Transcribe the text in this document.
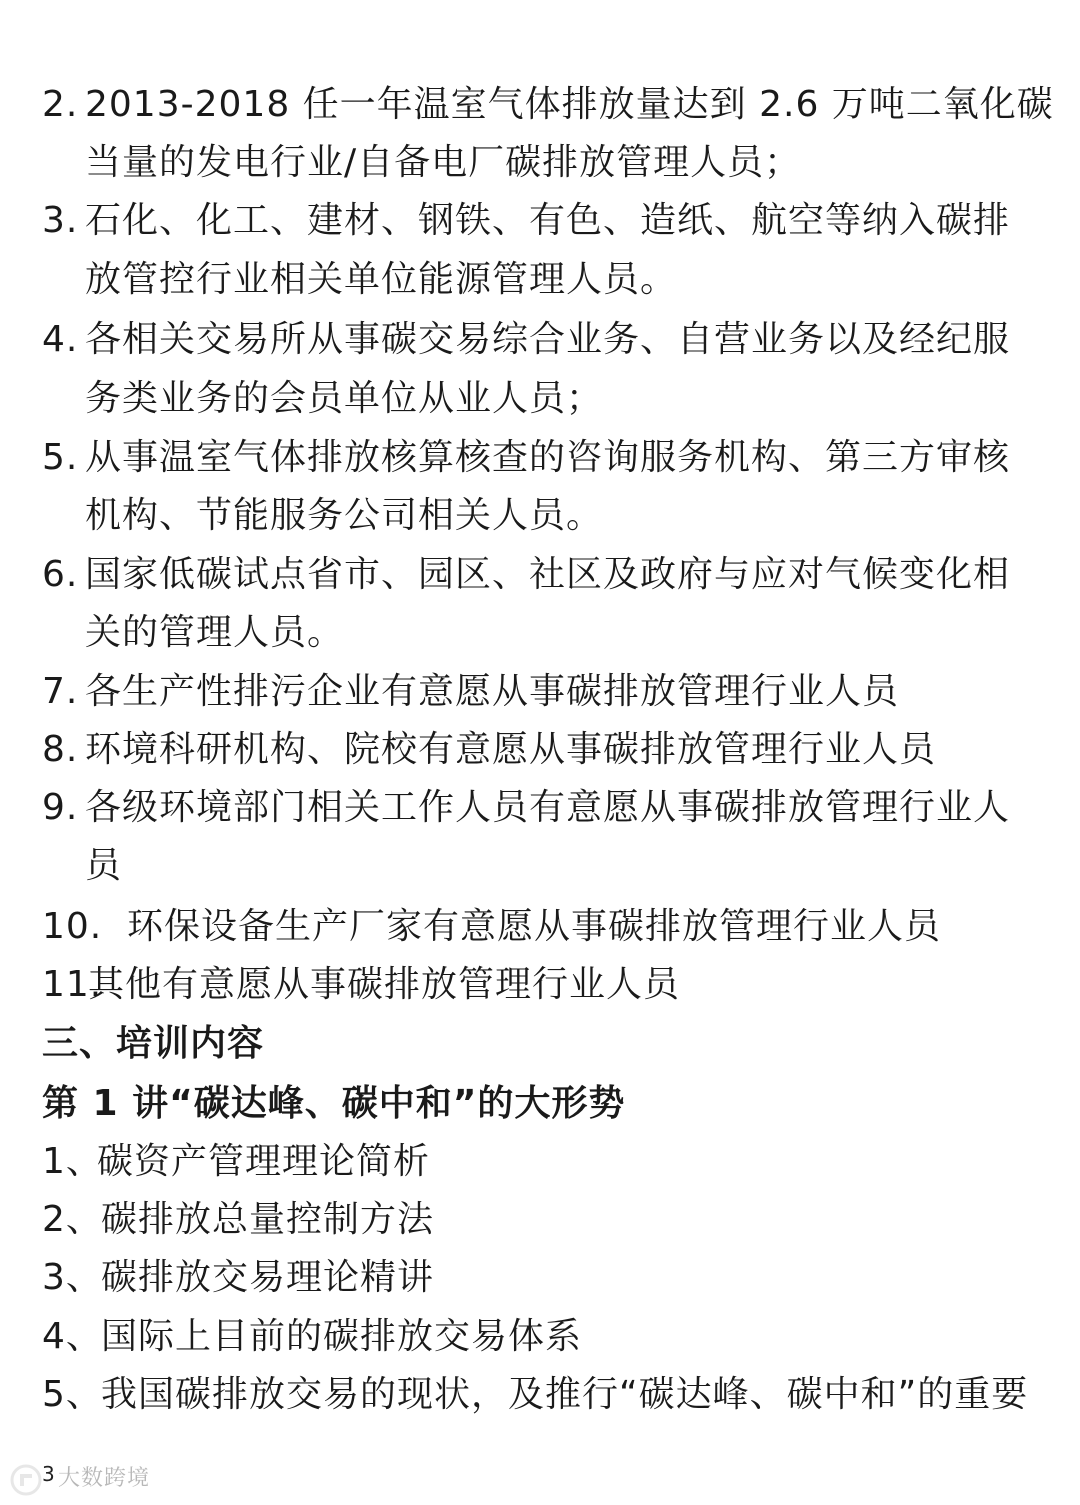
2. 2013-2018 任一年温室气体排放量达到 2.6 万吨二氧化碳
当量的发电行业/自备电厂碳排放管理人员；
3. 石化、化工、建材、钢铁、有色、造纸、航空等纳入碳排
放管控行业相关单位能源管理人员。
4. 各相关交易所从事碳交易综合业务、自营业务以及经纪服
务类业务的会员单位从业人员；
5. 从事温室气体排放核算核查的咨询服务机构、第三方审核
机构、节能服务公司相关人员。
6. 国家低碳试点省市、园区、社区及政府与应对气候变化相
关的管理人员。
7. 各生产性排污企业有意愿从事碳排放管理行业人员
8. 环境科研机构、院校有意愿从事碳排放管理行业人员
9. 各级环境部门相关工作人员有意愿从事碳排放管理行业人
员
10. 环保设备生产厂家有意愿从事碳排放管理行业人员
11.
其他有意愿从事碳排放管理行业人员
三、培训内容
第 1 讲“碳达峰、碳中和”的大形势
1、
碳资产管理理论简析
2、
碳排放总量控制方法
3、
碳排放交易理论精讲
4、
国际上目前的碳排放交易体系
5、
我国碳排放交易的现状，及推行“碳达峰、碳中和”的重要
大数跨境
3
